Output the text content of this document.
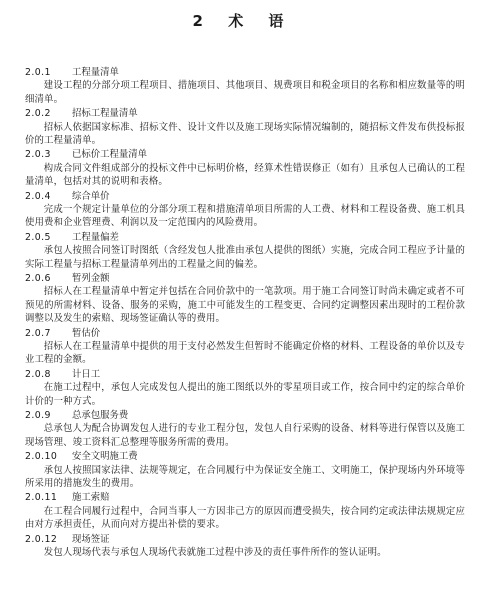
2 术 语
2.0.1 工程量清单
建设工程的分部分项工程项目、措施项目、其他项目、规费项目和税金项目的名称和相应数量等的明细清单。
2.0.2 招标工程量清单
招标人依据国家标准、招标文件、设计文件以及施工现场实际情况编制的，随招标文件发布供投标报价的工程量清单。
2.0.3 已标价工程量清单
构成合同文件组成部分的投标文件中已标明价格，经算术性错误修正（如有）且承包人已确认的工程量清单，包括对其的说明和表格。
2.0.4 综合单价
完成一个规定计量单位的分部分项工程和措施清单项目所需的人工费、材料和工程设备费、施工机具使用费和企业管理费、利润以及一定范围内的风险费用。
2.0.5 工程量偏差
承包人按照合同签订时图纸（含经发包人批准由承包人提供的图纸）实施，完成合同工程应予计量的实际工程量与招标工程量清单列出的工程量之间的偏差。
2.0.6 暂列金额
招标人在工程量清单中暂定并包括在合同价款中的一笔款项。用于施工合同签订时尚未确定或者不可预见的所需材料、设备、服务的采购，施工中可能发生的工程变更、合同约定调整因素出现时的工程价款调整以及发生的索赔、现场签证确认等的费用。
2.0.7 暂估价
招标人在工程量清单中提供的用于支付必然发生但暂时不能确定价格的材料、工程设备的单价以及专业工程的金额。
2.0.8 计日工
在施工过程中，承包人完成发包人提出的施工图纸以外的零星项目或工作，按合同中约定的综合单价计价的一种方式。
2.0.9 总承包服务费
总承包人为配合协调发包人进行的专业工程分包，发包人自行采购的设备、材料等进行保管以及施工现场管理、竣工资料汇总整理等服务所需的费用。
2.0.10 安全文明施工费
承包人按照国家法律、法规等规定，在合同履行中为保证安全施工、文明施工，保护现场内外环境等所采用的措施发生的费用。
2.0.11 施工索赔
在工程合同履行过程中，合同当事人一方因非己方的原因而遭受损失，按合同约定或法律法规规定应由对方承担责任，从而向对方提出补偿的要求。
2.0.12 现场签证
发包人现场代表与承包人现场代表就施工过程中涉及的责任事件所作的签认证明。
